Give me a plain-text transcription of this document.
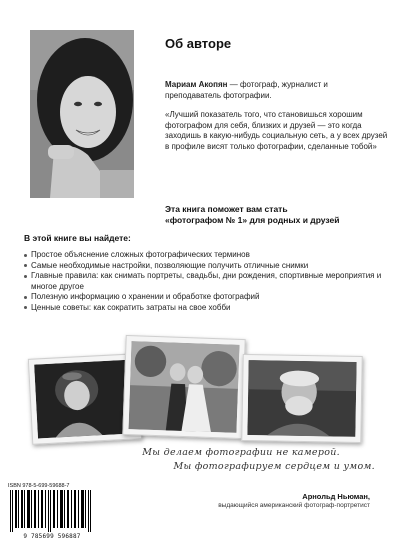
Об авторе
Мариам Акопян — фотограф, журналист и преподаватель фотографии.
«Лучший показатель того, что становишься хорошим фотографом для себя, близких и друзей — это когда заходишь в какую-нибудь социальную сеть, а у всех друзей в профиле висят только фотографии, сделанные тобой»
Эта книга поможет вам стать
«фотографом № 1» для родных и друзей
В этой книге вы найдете:
Простое объяснение сложных фотографических терминов
Самые необходимые настройки, позволяющие получить отличные снимки
Главные правила: как снимать портреты, свадьбы, дни рождения, спортивные мероприятия и многое другое
Полезную информацию о хранении и обработке фотографий
Ценные советы: как сократить затраты на свое хобби
Мы делаем фотографии не камерой.
Мы фотографируем сердцем и умом.
Арнольд Ньюман,
выдающийся американский фотограф-портретист
ISBN 978-5-699-59688-7
9 785699 596887
